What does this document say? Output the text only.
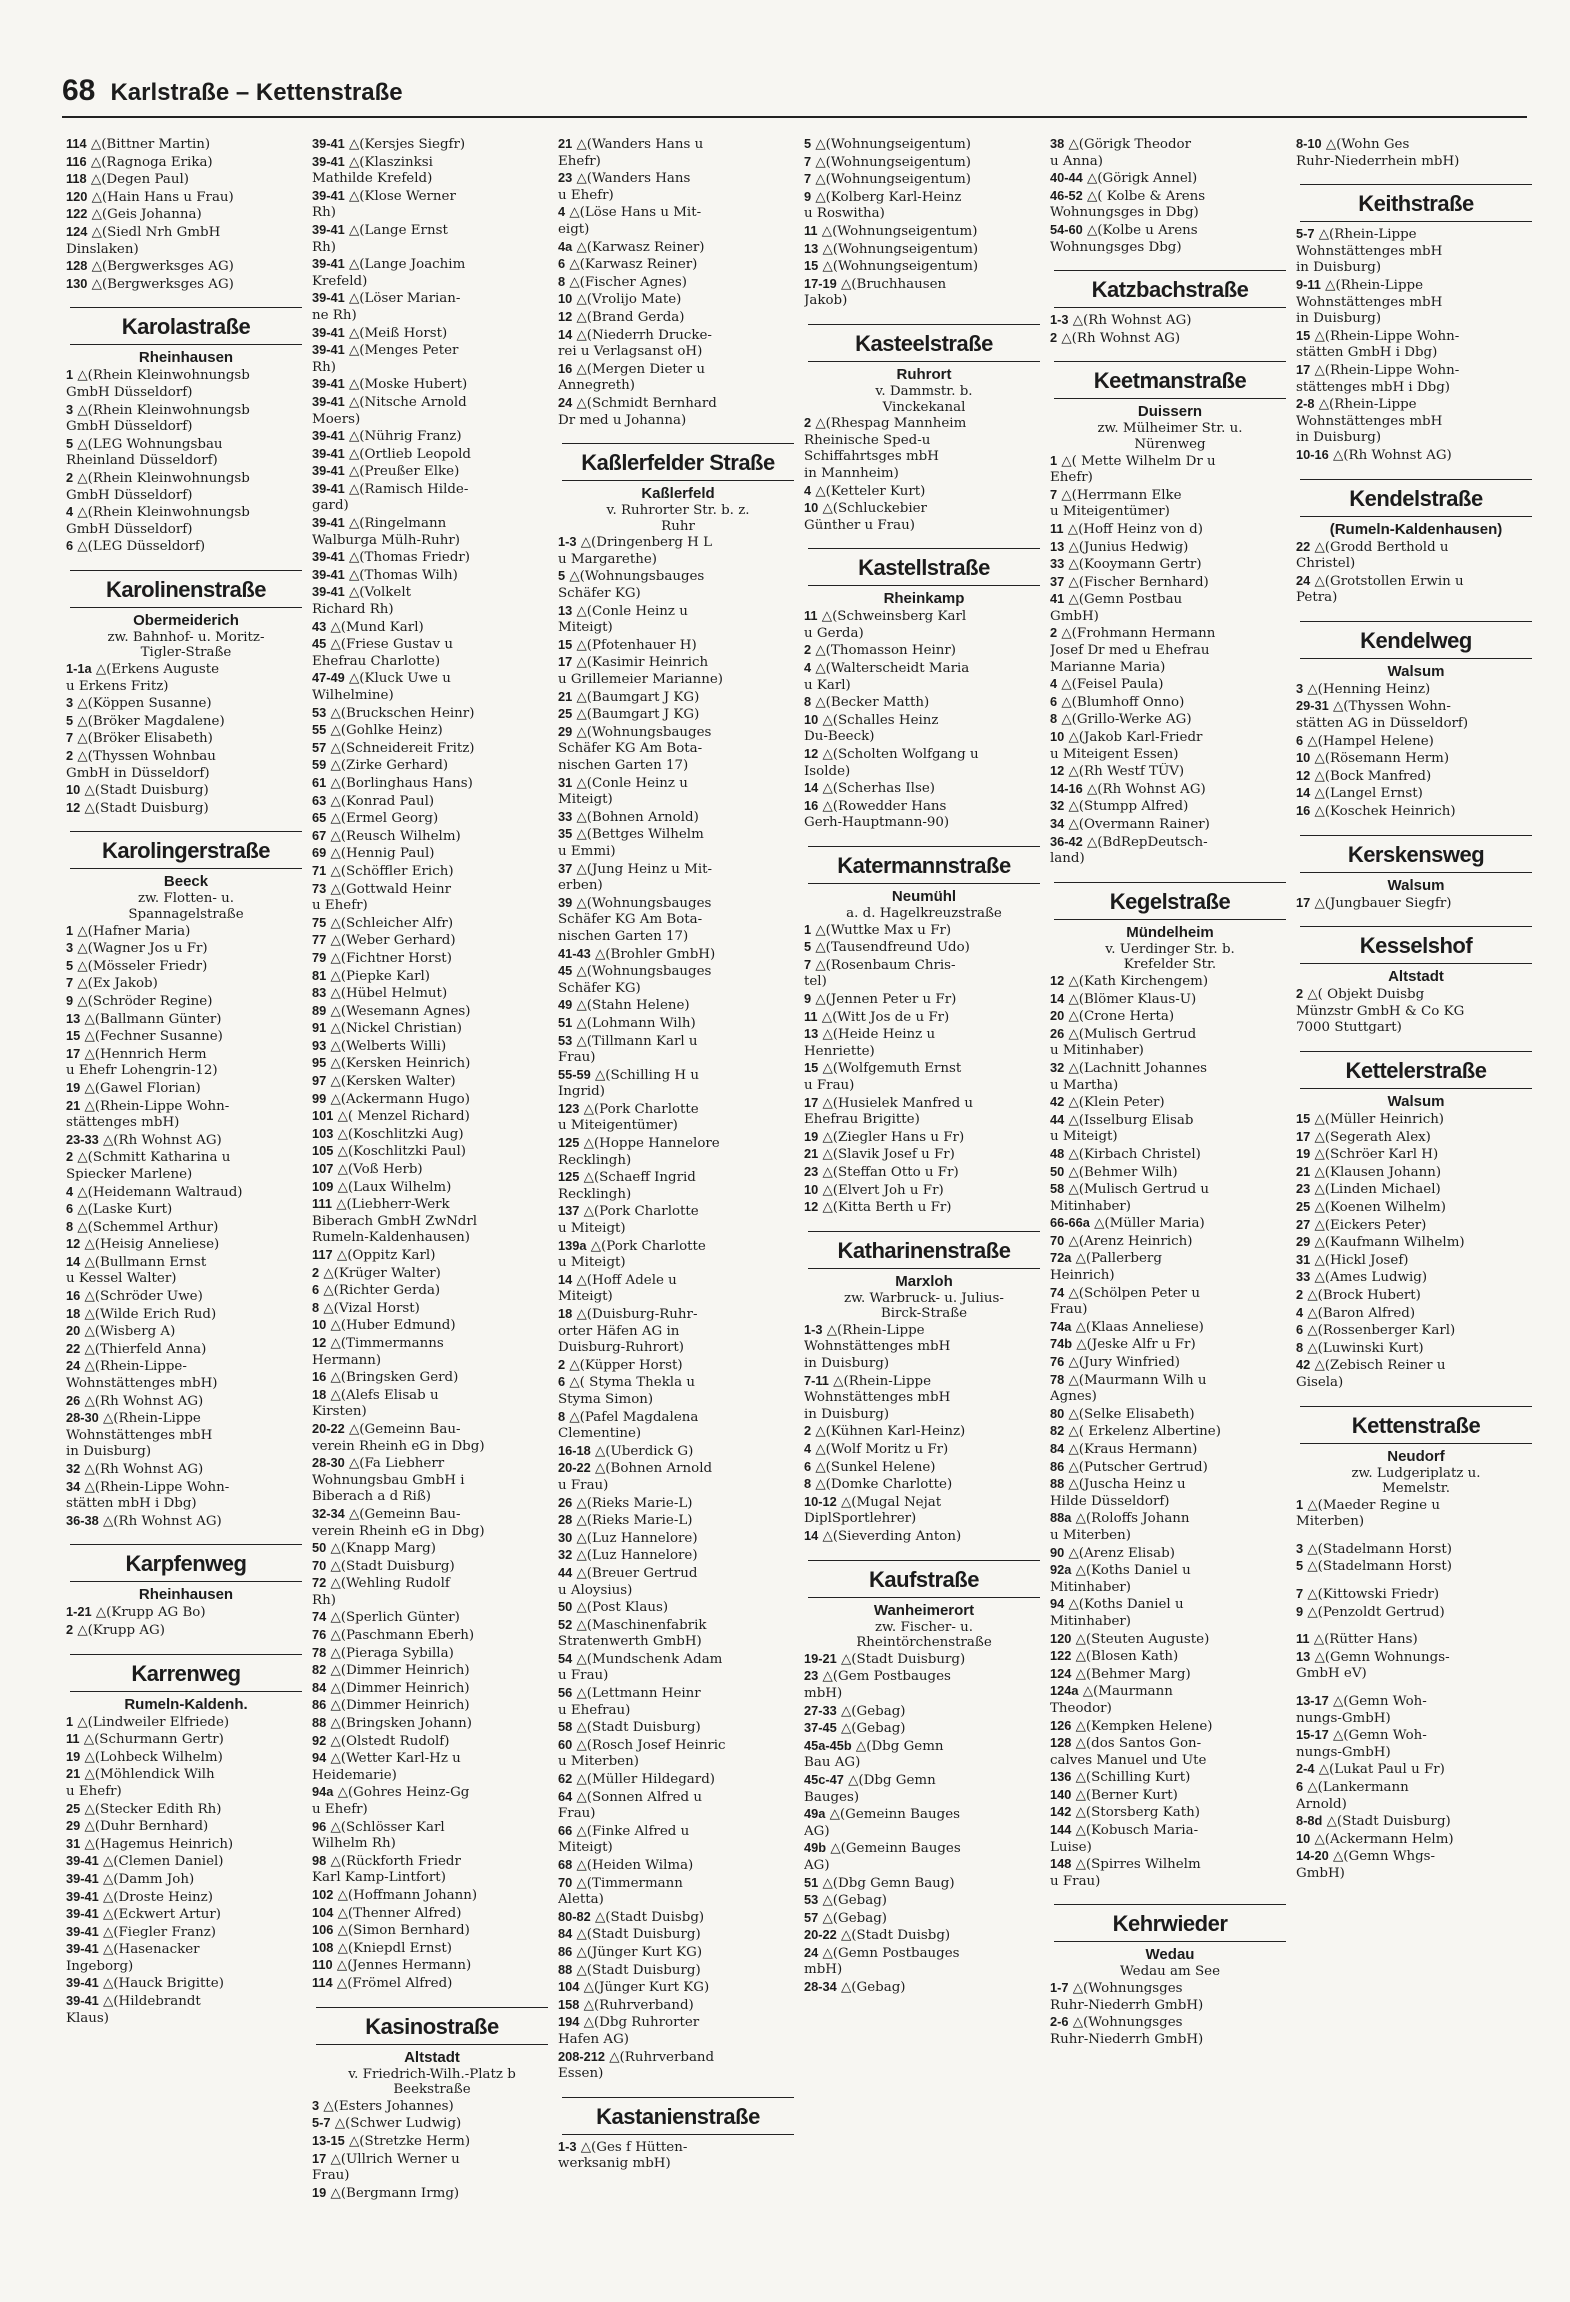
68 Karlstraße – Kettenstraße
114 △(Bittner Martin)
116 △(Ragnoga Erika)
118 △(Degen Paul)
120 △(Hain Hans u Frau)
122 △(Geis Johanna)
124 △(Siedl Nrh GmbH
Dinslaken)
128 △(Bergwerksges AG)
130 △(Bergwerksges AG)
Karolastraße
Rheinhausen
1 △(Rhein Kleinwohnungsb
GmbH Düsseldorf)
3 △(Rhein Kleinwohnungsb
GmbH Düsseldorf)
5 △(LEG Wohnungsbau
Rheinland Düsseldorf)
2 △(Rhein Kleinwohnungsb
GmbH Düsseldorf)
4 △(Rhein Kleinwohnungsb
GmbH Düsseldorf)
6 △(LEG Düsseldorf)
Karolinenstraße
Obermeiderich
zw. Bahnhof- u. Moritz-
Tigler-Straße
1-1a △(Erkens Auguste
u Erkens Fritz)
3 △(Köppen Susanne)
5 △(Bröker Magdalene)
7 △(Bröker Elisabeth)
2 △(Thyssen Wohnbau
GmbH in Düsseldorf)
10 △(Stadt Duisburg)
12 △(Stadt Duisburg)
Karolingerstraße
Beeck
zw. Flotten- u.
Spannagelstraße
1 △(Hafner Maria)
3 △(Wagner Jos u Fr)
5 △(Mösseler Friedr)
7 △(Ex Jakob)
9 △(Schröder Regine)
13 △(Ballmann Günter)
15 △(Fechner Susanne)
17 △(Hennrich Herm
u Ehefr Lohengrin-12)
19 △(Gawel Florian)
21 △(Rhein-Lippe Wohn-
stättenges mbH)
23-33 △(Rh Wohnst AG)
2 △(Schmitt Katharina u
Spiecker Marlene)
4 △(Heidemann Waltraud)
6 △(Laske Kurt)
8 △(Schemmel Arthur)
12 △(Heisig Anneliese)
14 △(Bullmann Ernst
u Kessel Walter)
16 △(Schröder Uwe)
18 △(Wilde Erich Rud)
20 △(Wisberg A)
22 △(Thierfeld Anna)
24 △(Rhein-Lippe-
Wohnstättenges mbH)
26 △(Rh Wohnst AG)
28-30 △(Rhein-Lippe
Wohnstättenges mbH
in Duisburg)
32 △(Rh Wohnst AG)
34 △(Rhein-Lippe Wohn-
stätten mbH i Dbg)
36-38 △(Rh Wohnst AG)
Karpfenweg
Rheinhausen
1-21 △(Krupp AG Bo)
2 △(Krupp AG)
Karrenweg
Rumeln-Kaldenh.
1 △(Lindweiler Elfriede)
11 △(Schurmann Gertr)
19 △(Lohbeck Wilhelm)
21 △(Möhlendick Wilh
u Ehefr)
25 △(Stecker Edith Rh)
29 △(Duhr Bernhard)
31 △(Hagemus Heinrich)
39-41 △(Clemen Daniel)
39-41 △(Damm Joh)
39-41 △(Droste Heinz)
39-41 △(Eckwert Artur)
39-41 △(Fiegler Franz)
39-41 △(Hasenacker
Ingeborg)
39-41 △(Hauck Brigitte)
39-41 △(Hildebrandt
Klaus)
39-41 △(Kersjes Siegfr)
39-41 △(Klaszinksi
Mathilde Krefeld)
39-41 △(Klose Werner
Rh)
39-41 △(Lange Ernst
Rh)
39-41 △(Lange Joachim
Krefeld)
39-41 △(Löser Marian-
ne Rh)
39-41 △(Meiß Horst)
39-41 △(Menges Peter
Rh)
39-41 △(Moske Hubert)
39-41 △(Nitsche Arnold
Moers)
39-41 △(Nührig Franz)
39-41 △(Ortlieb Leopold
39-41 △(Preußer Elke)
39-41 △(Ramisch Hilde-
gard)
39-41 △(Ringelmann
Walburga Mülh-Ruhr)
39-41 △(Thomas Friedr)
39-41 △(Thomas Wilh)
39-41 △(Volkelt
Richard Rh)
43 △(Mund Karl)
45 △(Friese Gustav u
Ehefrau Charlotte)
47-49 △(Kluck Uwe u
Wilhelmine)
53 △(Bruckschen Heinr)
55 △(Gohlke Heinz)
57 △(Schneidereit Fritz)
59 △(Zirke Gerhard)
61 △(Borlinghaus Hans)
63 △(Konrad Paul)
65 △(Ermel Georg)
67 △(Reusch Wilhelm)
69 △(Hennig Paul)
71 △(Schöffler Erich)
73 △(Gottwald Heinr
u Ehefr)
75 △(Schleicher Alfr)
77 △(Weber Gerhard)
79 △(Fichtner Horst)
81 △(Piepke Karl)
83 △(Hübel Helmut)
89 △(Wesemann Agnes)
91 △(Nickel Christian)
93 △(Welberts Willi)
95 △(Kersken Heinrich)
97 △(Kersken Walter)
99 △(Ackermann Hugo)
101 △( Menzel Richard)
103 △(Koschlitzki Aug)
105 △(Koschlitzki Paul)
107 △(Voß Herb)
109 △(Laux Wilhelm)
111 △(Liebherr-Werk
Biberach GmbH ZwNdrl
Rumeln-Kaldenhausen)
117 △(Oppitz Karl)
2 △(Krüger Walter)
6 △(Richter Gerda)
8 △(Vizal Horst)
10 △(Huber Edmund)
12 △(Timmermanns
Hermann)
16 △(Bringsken Gerd)
18 △(Alefs Elisab u
Kirsten)
20-22 △(Gemeinn Bau-
verein Rheinh eG in Dbg)
28-30 △(Fa Liebherr
Wohnungsbau GmbH i
Biberach a d Riß)
32-34 △(Gemeinn Bau-
verein Rheinh eG in Dbg)
50 △(Knapp Marg)
70 △(Stadt Duisburg)
72 △(Wehling Rudolf
Rh)
74 △(Sperlich Günter)
76 △(Paschmann Eberh)
78 △(Pieraga Sybilla)
82 △(Dimmer Heinrich)
84 △(Dimmer Heinrich)
86 △(Dimmer Heinrich)
88 △(Bringsken Johann)
92 △(Olstedt Rudolf)
94 △(Wetter Karl-Hz u
Heidemarie)
94a △(Gohres Heinz-Gg
u Ehefr)
96 △(Schlösser Karl
Wilhelm Rh)
98 △(Rückforth Friedr
Karl Kamp-Lintfort)
102 △(Hoffmann Johann)
104 △(Thenner Alfred)
106 △(Simon Bernhard)
108 △(Kniepdl Ernst)
110 △(Jennes Hermann)
114 △(Frömel Alfred)
Kasinostraße
Altstadt
v. Friedrich-Wilh.-Platz b
Beekstraße
3 △(Esters Johannes)
5-7 △(Schwer Ludwig)
13-15 △(Stretzke Herm)
17 △(Ullrich Werner u
Frau)
19 △(Bergmann Irmg)
21 △(Wanders Hans u
Ehefr)
23 △(Wanders Hans
u Ehefr)
4 △(Löse Hans u Mit-
eigt)
4a △(Karwasz Reiner)
6 △(Karwasz Reiner)
8 △(Fischer Agnes)
10 △(Vrolijo Mate)
12 △(Brand Gerda)
14 △(Niederrh Drucke-
rei u Verlagsanst oH)
16 △(Mergen Dieter u
Annegreth)
24 △(Schmidt Bernhard
Dr med u Johanna)
Kaßlerfelder Straße
Kaßlerfeld
v. Ruhrorter Str. b. z.
Ruhr
1-3 △(Dringenberg H L
u Margarethe)
5 △(Wohnungsbauges
Schäfer KG)
13 △(Conle Heinz u
Miteigt)
15 △(Pfotenhauer H)
17 △(Kasimir Heinrich
u Grillemeier Marianne)
21 △(Baumgart J KG)
25 △(Baumgart J KG)
29 △(Wohnungsbauges
Schäfer KG Am Bota-
nischen Garten 17)
31 △(Conle Heinz u
Miteigt)
33 △(Bohnen Arnold)
35 △(Bettges Wilhelm
u Emmi)
37 △(Jung Heinz u Mit-
erben)
39 △(Wohnungsbauges
Schäfer KG Am Bota-
nischen Garten 17)
41-43 △(Brohler GmbH)
45 △(Wohnungsbauges
Schäfer KG)
49 △(Stahn Helene)
51 △(Lohmann Wilh)
53 △(Tillmann Karl u
Frau)
55-59 △(Schilling H u
Ingrid)
123 △(Pork Charlotte
u Miteigentümer)
125 △(Hoppe Hannelore
Recklingh)
125 △(Schaeff Ingrid
Recklingh)
137 △(Pork Charlotte
u Miteigt)
139a △(Pork Charlotte
u Miteigt)
14 △(Hoff Adele u
Miteigt)
18 △(Duisburg-Ruhr-
orter Häfen AG in
Duisburg-Ruhrort)
2 △(Küpper Horst)
6 △( Styma Thekla u
Styma Simon)
8 △(Pafel Magdalena
Clementine)
16-18 △(Uberdick G)
20-22 △(Bohnen Arnold
u Frau)
26 △(Rieks Marie-L)
28 △(Rieks Marie-L)
30 △(Luz Hannelore)
32 △(Luz Hannelore)
44 △(Breuer Gertrud
u Aloysius)
50 △(Post Klaus)
52 △(Maschinenfabrik
Stratenwerth GmbH)
54 △(Mundschenk Adam
u Frau)
56 △(Lettmann Heinr
u Ehefrau)
58 △(Stadt Duisburg)
60 △(Rosch Josef Heinric
u Miterben)
62 △(Müller Hildegard)
64 △(Sonnen Alfred u
Frau)
66 △(Finke Alfred u
Miteigt)
68 △(Heiden Wilma)
70 △(Timmermann
Aletta)
80-82 △(Stadt Duisbg)
84 △(Stadt Duisburg)
86 △(Jünger Kurt KG)
88 △(Stadt Duisburg)
104 △(Jünger Kurt KG)
158 △(Ruhrverband)
194 △(Dbg Ruhrorter
Hafen AG)
208-212 △(Ruhrverband
Essen)
Kastanienstraße
1-3 △(Ges f Hütten-
werksanig mbH)
5 △(Wohnungseigentum)
7 △(Wohnungseigentum)
7 △(Wohnungseigentum)
9 △(Kolberg Karl-Heinz
u Roswitha)
11 △(Wohnungseigentum)
13 △(Wohnungseigentum)
15 △(Wohnungseigentum)
17-19 △(Bruchhausen
Jakob)
Kasteelstraße
Ruhrort
v. Dammstr. b.
Vinckekanal
2 △(Rhespag Mannheim
Rheinische Sped-u
Schiffahrtsges mbH
in Mannheim)
4 △(Ketteler Kurt)
10 △(Schluckebier
Günther u Frau)
Kastellstraße
Rheinkamp
11 △(Schweinsberg Karl
u Gerda)
2 △(Thomasson Heinr)
4 △(Walterscheidt Maria
u Karl)
8 △(Becker Matth)
10 △(Schalles Heinz
Du-Beeck)
12 △(Scholten Wolfgang u
Isolde)
14 △(Scherhas Ilse)
16 △(Rowedder Hans
Gerh-Hauptmann-90)
Katermannstraße
Neumühl
a. d. Hagelkreuzstraße
1 △(Wuttke Max u Fr)
5 △(Tausendfreund Udo)
7 △(Rosenbaum Chris-
tel)
9 △(Jennen Peter u Fr)
11 △(Witt Jos de u Fr)
13 △(Heide Heinz u
Henriette)
15 △(Wolfgemuth Ernst
u Frau)
17 △(Husielek Manfred u
Ehefrau Brigitte)
19 △(Ziegler Hans u Fr)
21 △(Slavik Josef u Fr)
23 △(Steffan Otto u Fr)
10 △(Elvert Joh u Fr)
12 △(Kitta Berth u Fr)
Katharinenstraße
Marxloh
zw. Warbruck- u. Julius-
Birck-Straße
1-3 △(Rhein-Lippe
Wohnstättenges mbH
in Duisburg)
7-11 △(Rhein-Lippe
Wohnstättenges mbH
in Duisburg)
2 △(Kühnen Karl-Heinz)
4 △(Wolf Moritz u Fr)
6 △(Sunkel Helene)
8 △(Domke Charlotte)
10-12 △(Mugal Nejat
DiplSportlehrer)
14 △(Sieverding Anton)
Kaufstraße
Wanheimerort
zw. Fischer- u.
Rheintörchenstraße
19-21 △(Stadt Duisburg)
23 △(Gem Postbauges
mbH)
27-33 △(Gebag)
37-45 △(Gebag)
45a-45b △(Dbg Gemn
Bau AG)
45c-47 △(Dbg Gemn
Bauges)
49a △(Gemeinn Bauges
AG)
49b △(Gemeinn Bauges
AG)
51 △(Dbg Gemn Baug)
53 △(Gebag)
57 △(Gebag)
20-22 △(Stadt Duisbg)
24 △(Gemn Postbauges
mbH)
28-34 △(Gebag)
38 △(Görigk Theodor
u Anna)
40-44 △(Görigk Annel)
46-52 △( Kolbe & Arens
Wohnungsges in Dbg)
54-60 △(Kolbe u Arens
Wohnungsges Dbg)
Katzbachstraße
1-3 △(Rh Wohnst AG)
2 △(Rh Wohnst AG)
Keetmanstraße
Duissern
zw. Mülheimer Str. u.
Nürenweg
1 △( Mette Wilhelm Dr u
Ehefr)
7 △(Herrmann Elke
u Miteigentümer)
11 △(Hoff Heinz von d)
13 △(Junius Hedwig)
33 △(Kooymann Gertr)
37 △(Fischer Bernhard)
41 △(Gemn Postbau
GmbH)
2 △(Frohmann Hermann
Josef Dr med u Ehefrau
Marianne Maria)
4 △(Feisel Paula)
6 △(Blumhoff Onno)
8 △(Grillo-Werke AG)
10 △(Jakob Karl-Friedr
u Miteigent Essen)
12 △(Rh Westf TÜV)
14-16 △(Rh Wohnst AG)
32 △(Stumpp Alfred)
34 △(Overmann Rainer)
36-42 △(BdRepDeutsch-
land)
Kegelstraße
Mündelheim
v. Uerdinger Str. b.
Krefelder Str.
12 △(Kath Kirchengem)
14 △(Blömer Klaus-U)
20 △(Crone Herta)
26 △(Mulisch Gertrud
u Mitinhaber)
32 △(Lachnitt Johannes
u Martha)
42 △(Klein Peter)
44 △(Isselburg Elisab
u Miteigt)
48 △(Kirbach Christel)
50 △(Behmer Wilh)
58 △(Mulisch Gertrud u
Mitinhaber)
66-66a △(Müller Maria)
70 △(Arenz Heinrich)
72a △(Pallerberg
Heinrich)
74 △(Schölpen Peter u
Frau)
74a △(Klaas Anneliese)
74b △(Jeske Alfr u Fr)
76 △(Jury Winfried)
78 △(Maurmann Wilh u
Agnes)
80 △(Selke Elisabeth)
82 △( Erkelenz Albertine)
84 △(Kraus Hermann)
86 △(Putscher Gertrud)
88 △(Juscha Heinz u
Hilde Düsseldorf)
88a △(Roloffs Johann
u Miterben)
90 △(Arenz Elisab)
92a △(Koths Daniel u
Mitinhaber)
94 △(Koths Daniel u
Mitinhaber)
120 △(Steuten Auguste)
122 △(Blosen Kath)
124 △(Behmer Marg)
124a △(Maurmann
Theodor)
126 △(Kempken Helene)
128 △(dos Santos Gon-
calves Manuel und Ute
136 △(Schilling Kurt)
140 △(Berner Kurt)
142 △(Storsberg Kath)
144 △(Kobusch Maria-
Luise)
148 △(Spirres Wilhelm
u Frau)
Kehrwieder
Wedau
Wedau am See
1-7 △(Wohnungsges
Ruhr-Niederrh GmbH)
2-6 △(Wohnungsges
Ruhr-Niederrh GmbH)
8-10 △(Wohn Ges
Ruhr-Niederrhein mbH)
Keithstraße
5-7 △(Rhein-Lippe
Wohnstättenges mbH
in Duisburg)
9-11 △(Rhein-Lippe
Wohnstättenges mbH
in Duisburg)
15 △(Rhein-Lippe Wohn-
stätten GmbH i Dbg)
17 △(Rhein-Lippe Wohn-
stättenges mbH i Dbg)
2-8 △(Rhein-Lippe
Wohnstättenges mbH
in Duisburg)
10-16 △(Rh Wohnst AG)
Kendelstraße
(Rumeln-Kaldenhausen)
22 △(Grodd Berthold u
Christel)
24 △(Grotstollen Erwin u
Petra)
Kendelweg
Walsum
3 △(Henning Heinz)
29-31 △(Thyssen Wohn-
stätten AG in Düsseldorf)
6 △(Hampel Helene)
10 △(Rösemann Herm)
12 △(Bock Manfred)
14 △(Langel Ernst)
16 △(Koschek Heinrich)
Kerskensweg
Walsum
17 △(Jungbauer Siegfr)
Kesselshof
Altstadt
2 △( Objekt Duisbg
Münzstr GmbH & Co KG
7000 Stuttgart)
Kettelerstraße
Walsum
15 △(Müller Heinrich)
17 △(Segerath Alex)
19 △(Schröer Karl H)
21 △(Klausen Johann)
23 △(Linden Michael)
25 △(Koenen Wilhelm)
27 △(Eickers Peter)
29 △(Kaufmann Wilhelm)
31 △(Hickl Josef)
33 △(Ames Ludwig)
2 △(Brock Hubert)
4 △(Baron Alfred)
6 △(Rossenberger Karl)
8 △(Luwinski Kurt)
42 △(Zebisch Reiner u
Gisela)
Kettenstraße
Neudorf
zw. Ludgeriplatz u.
Memelstr.
1 △(Maeder Regine u
Miterben)
3 △(Stadelmann Horst)
5 △(Stadelmann Horst)
7 △(Kittowski Friedr)
9 △(Penzoldt Gertrud)
11 △(Rütter Hans)
13 △(Gemn Wohnungs-
GmbH eV)
13-17 △(Gemn Woh-
nungs-GmbH)
15-17 △(Gemn Woh-
nungs-GmbH)
2-4 △(Lukat Paul u Fr)
6 △(Lankermann
Arnold)
8-8d △(Stadt Duisburg)
10 △(Ackermann Helm)
14-20 △(Gemn Whgs-
GmbH)
